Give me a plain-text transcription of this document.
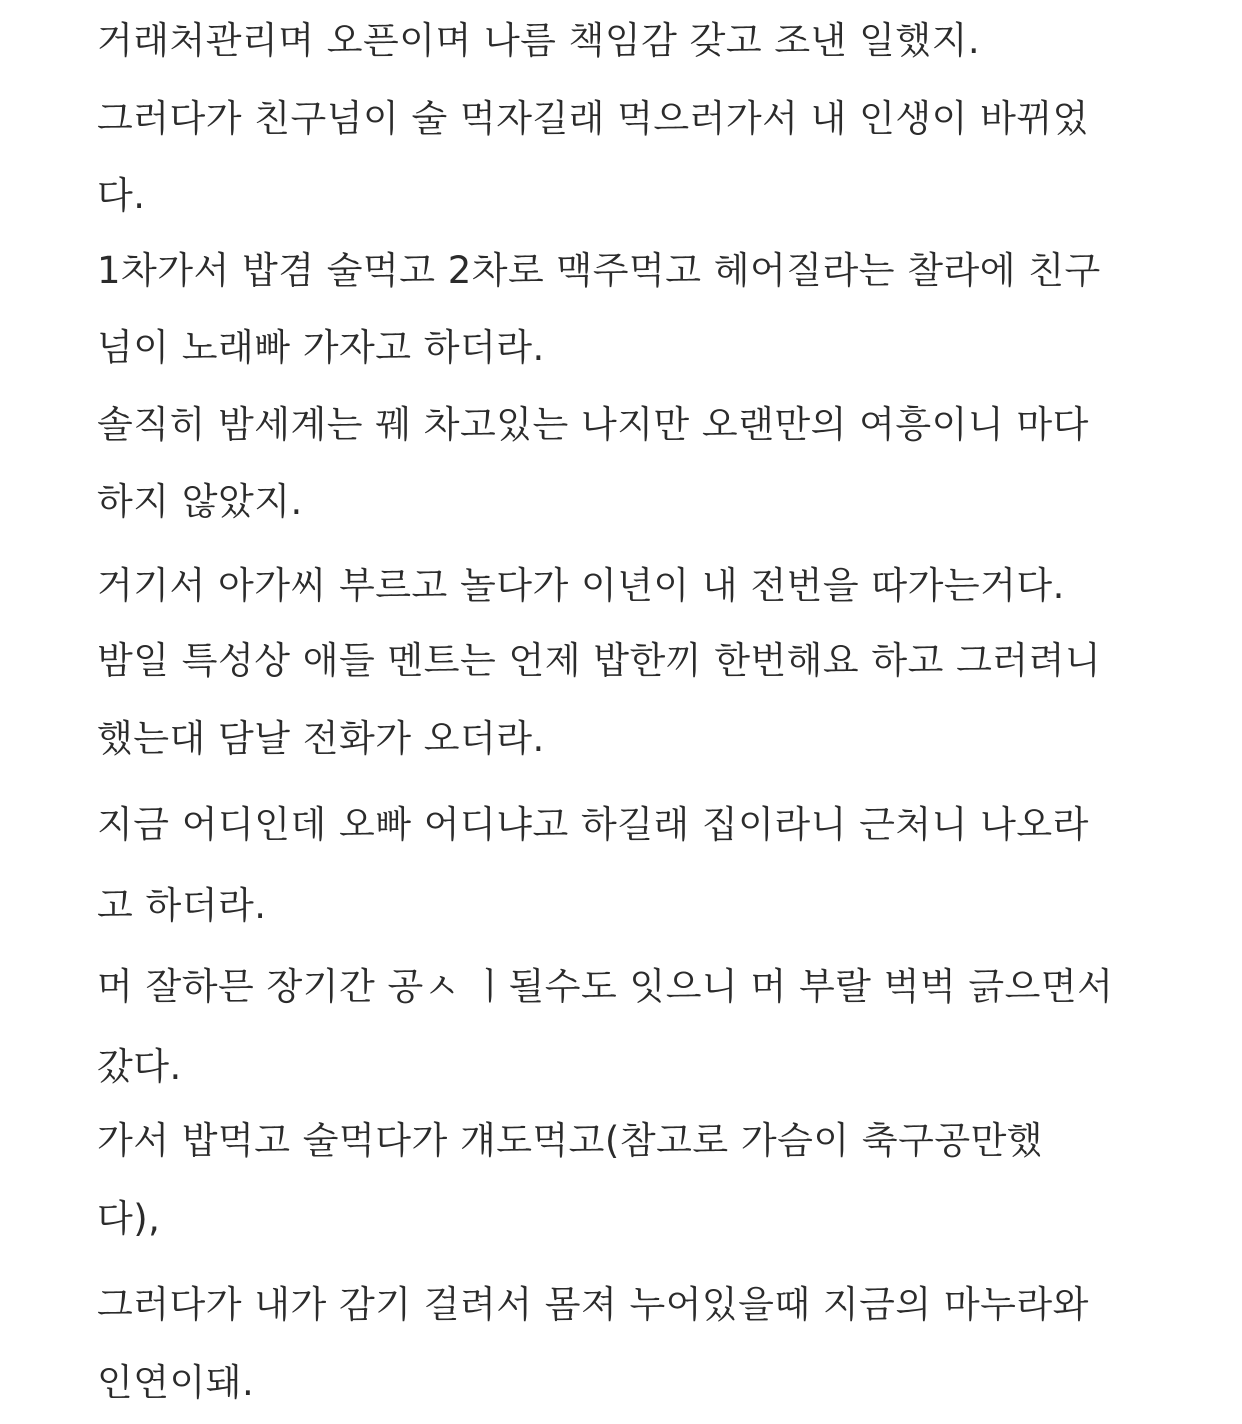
거래처관리며 오픈이며 나름 책임감 갖고 조낸 일했지.
그러다가 친구넘이 술 먹자길래 먹으러가서 내 인생이 바뀌었
다.
1차가서 밥겸 술먹고 2차로 맥주먹고 헤어질라는 찰라에 친구
넘이 노래빠 가자고 하더라.
솔직히 밤세계는 꿰 차고있는 나지만 오랜만의 여흥이니 마다
하지 않았지.
거기서 아가씨 부르고 놀다가 이년이 내 전번을 따가는거다.
밤일 특성상 애들 멘트는 언제 밥한끼 한번해요 하고 그러려니
했는대 담날 전화가 오더라.
지금 어디인데 오빠 어디냐고 하길래 집이라니 근처니 나오라
고 하더라.
머 잘하믄 장기간 공ㅅ ㅣ될수도 잇으니 머 부랄 벅벅 긁으면서
갔다.
가서 밥먹고 술먹다가 걔도먹고(참고로 가슴이 축구공만했
다),
그러다가 내가 감기 걸려서 몸져 누어있을때 지금의 마누라와
인연이돼.
